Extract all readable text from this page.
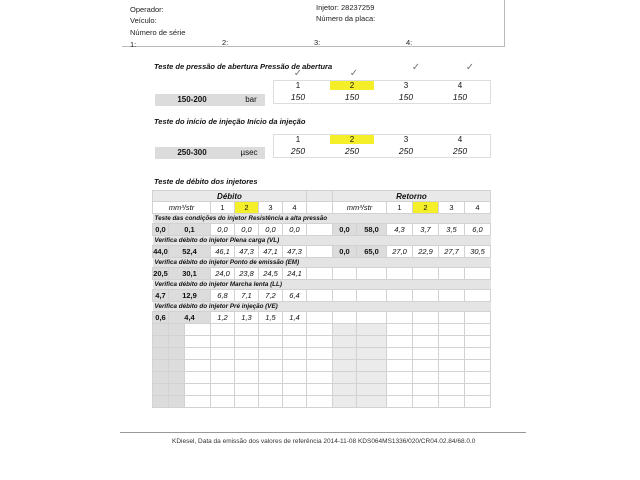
Operador:	Injetor: 28237259
Veículo:	Número da placa:
Número de série
1:	2:	3:	4:
Teste de pressão de abertura Pressão de abertura
✓	✓
✓	✓
1	2	3	4
150-200	bar	150	150	150	150
Teste do início de injeção Início da injeção
1	2	3	4
250-300	µsec	250	250	250	250
Teste de débito dos injetores
Débito								Retorno					
mm³/str			1	2	3	4		mm³/str		1	2	3	4
Teste das condições do injetor Resistência a alta pressão													
0,0	0,1		0,0	0,0	0,0	0,0		0,0	58,0	4,3	3,7	3,5	6,0
Verifica débito do injetor Plena carga (VL)													
44,0	52,4		46,1	47,3	47,1	47,3		0,0	65,0	27,0	22,9	27,7	30,5
Verifica débito do injetor Ponto de emissão (EM)													
20,5	30,1		24,0	23,8	24,5	24,1							
Verifica débito do injetor Marcha lenta (LL)													
4,7	12,9		6,8	7,1	7,2	6,4							
Verifica débito do injetor Pré injeção (VE)													
0,6	4,4		1,2	1,3	1,5	1,4							

KDiesel, Data da emissão dos valores de referência 2014-11-08 KDS064MS1336/020/CR04.02.84/68.0.0
